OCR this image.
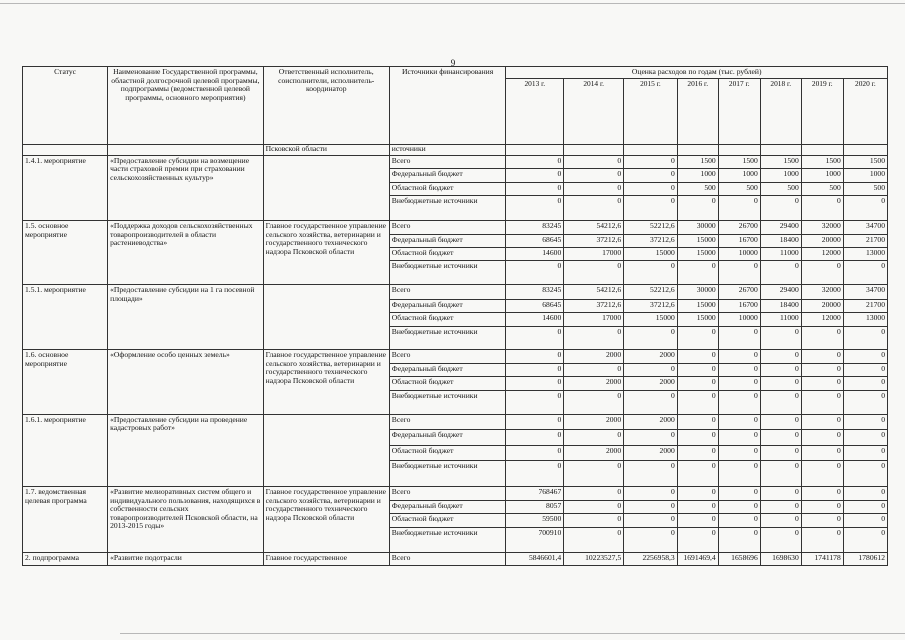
9
Статус	Наименование Государственной программы, областной долгосрочной целевой программы, подпрограммы (ведомственной целевой программы, основного мероприятия)	Ответственный исполнитель, соисполнители, исполнитель-координатор	Источники финансирования	Оценка расходов по годам (тыс. рублей)							
				2013 г.	2014 г.	2015 г.	2016 г.	2017 г.	2018 г.	2019 г.	2020 г.
		Псковской области	источники								
1.4.1. мероприятие	«Предоставление субсидии на возмещение части страховой премии при страховании сельскохозяйственных культур»		Всего	0	0	0	1500	1500	1500	1500	1500
			Федеральный бюджет	0	0	0	1000	1000	1000	1000	1000
			Областной бюджет	0	0	0	500	500	500	500	500
			Внебюджетные источники	0	0	0	0	0	0	0	0
1.5. основное мероприятие	«Поддержка доходов сельскохозяйственных товаропроизводителей в области растениеводства»	Главное государственное управление сельского хозяйства, ветеринарии и государственного технического надзора Псковской области	Всего	83245	54212,6	52212,6	30000	26700	29400	32000	34700
			Федеральный бюджет	68645	37212,6	37212,6	15000	16700	18400	20000	21700
			Областной бюджет	14600	17000	15000	15000	10000	11000	12000	13000
			Внебюджетные источники	0	0	0	0	0	0	0	0
1.5.1. мероприятие	«Предоставление субсидии на 1 га посевной площади»		Всего	83245	54212,6	52212,6	30000	26700	29400	32000	34700
			Федеральный бюджет	68645	37212,6	37212,6	15000	16700	18400	20000	21700
			Областной бюджет	14600	17000	15000	15000	10000	11000	12000	13000
			Внебюджетные источники	0	0	0	0	0	0	0	0
1.6. основное мероприятие	«Оформление особо ценных земель»	Главное государственное управление сельского хозяйства, ветеринарии и государственного технического надзора Псковской области	Всего	0	2000	2000	0	0	0	0	0
			Федеральный бюджет	0	0	0	0	0	0	0	0
			Областной бюджет	0	2000	2000	0	0	0	0	0
			Внебюджетные источники	0	0	0	0	0	0	0	0
1.6.1. мероприятие	«Предоставление субсидии на проведение кадастровых работ»		Всего	0	2000	2000	0	0	0	0	0
			Федеральный бюджет	0	0	0	0	0	0	0	0
			Областной бюджет	0	2000	2000	0	0	0	0	0
			Внебюджетные источники	0	0	0	0	0	0	0	0
1.7. ведомственная целевая программа	«Развитие мелиоративных систем общего и индивидуального пользования, находящихся в собственности сельских товаропроизводителей Псковской области, на 2013-2015 годы»	Главное государственное управление сельского хозяйства, ветеринарии и государственного технического надзора Псковской области	Всего	768467	0	0	0	0	0	0	0
			Федеральный бюджет	8057	0	0	0	0	0	0	0
			Областной бюджет	59500	0	0	0	0	0	0	0
			Внебюджетные источники	700910	0	0	0	0	0	0	0
2. подпрограмма	«Развитие подотрасли	Главное государственное	Всего	5846601,4	10223527,5	2256958,3	1691469,4	1658696	1698630	1741178	1780612
